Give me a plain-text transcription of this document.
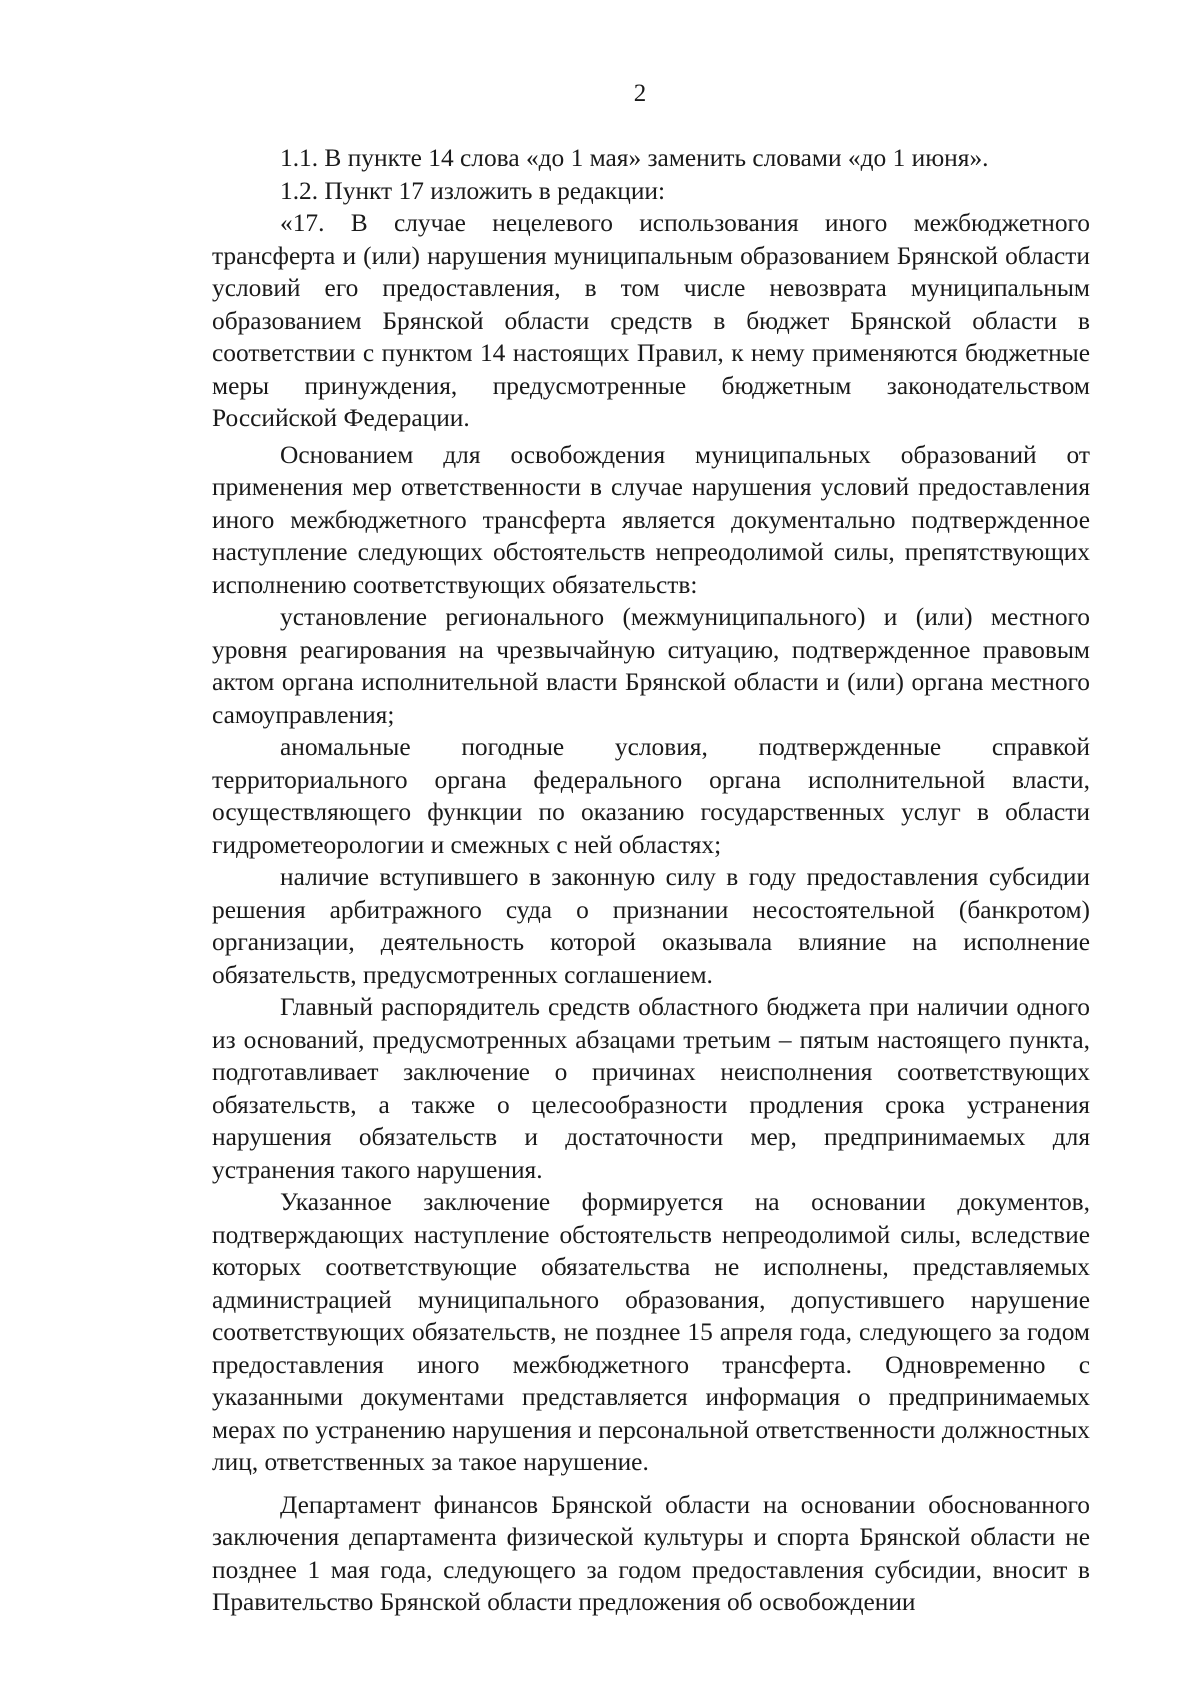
2

1.1. В пункте 14 слова «до 1 мая» заменить словами «до 1 июня».

1.2. Пункт 17 изложить в редакции:

«17. В случае нецелевого использования иного межбюджетного трансферта и (или) нарушения муниципальным образованием Брянской области условий его предоставления, в том числе невозврата муниципальным образованием Брянской области средств в бюджет Брянской области в соответствии с пунктом 14 настоящих Правил, к нему применяются бюджетные меры принуждения, предусмотренные бюджетным законодательством Российской Федерации.

Основанием для освобождения муниципальных образований от применения мер ответственности в случае нарушения условий предоставления иного межбюджетного трансферта является документально подтвержденное наступление следующих обстоятельств непреодолимой силы, препятствующих исполнению соответствующих обязательств:

установление регионального (межмуниципального) и (или) местного уровня реагирования на чрезвычайную ситуацию, подтвержденное правовым актом органа исполнительной власти Брянской области и (или) органа местного самоуправления;

аномальные погодные условия, подтвержденные справкой территориального органа федерального органа исполнительной власти, осуществляющего функции по оказанию государственных услуг в области гидрометеорологии и смежных с ней областях;

наличие вступившего в законную силу в году предоставления субсидии решения арбитражного суда о признании несостоятельной (банкротом) организации, деятельность которой оказывала влияние на исполнение обязательств, предусмотренных соглашением.

Главный распорядитель средств областного бюджета при наличии одного из оснований, предусмотренных абзацами третьим – пятым настоящего пункта, подготавливает заключение о причинах неисполнения соответствующих обязательств, а также о целесообразности продления срока устранения нарушения обязательств и достаточности мер, предпринимаемых для устранения такого нарушения.

Указанное заключение формируется на основании документов, подтверждающих наступление обстоятельств непреодолимой силы, вследствие которых соответствующие обязательства не исполнены, представляемых администрацией муниципального образования, допустившего нарушение соответствующих обязательств, не позднее 15 апреля года, следующего за годом предоставления иного межбюджетного трансферта. Одновременно с указанными документами представляется информация о предпринимаемых мерах по устранению нарушения и персональной ответственности должностных лиц, ответственных за такое нарушение.

Департамент финансов Брянской области на основании обоснованного заключения департамента физической культуры и спорта Брянской области не позднее 1 мая года, следующего за годом предоставления субсидии, вносит в Правительство Брянской области предложения об освобождении
